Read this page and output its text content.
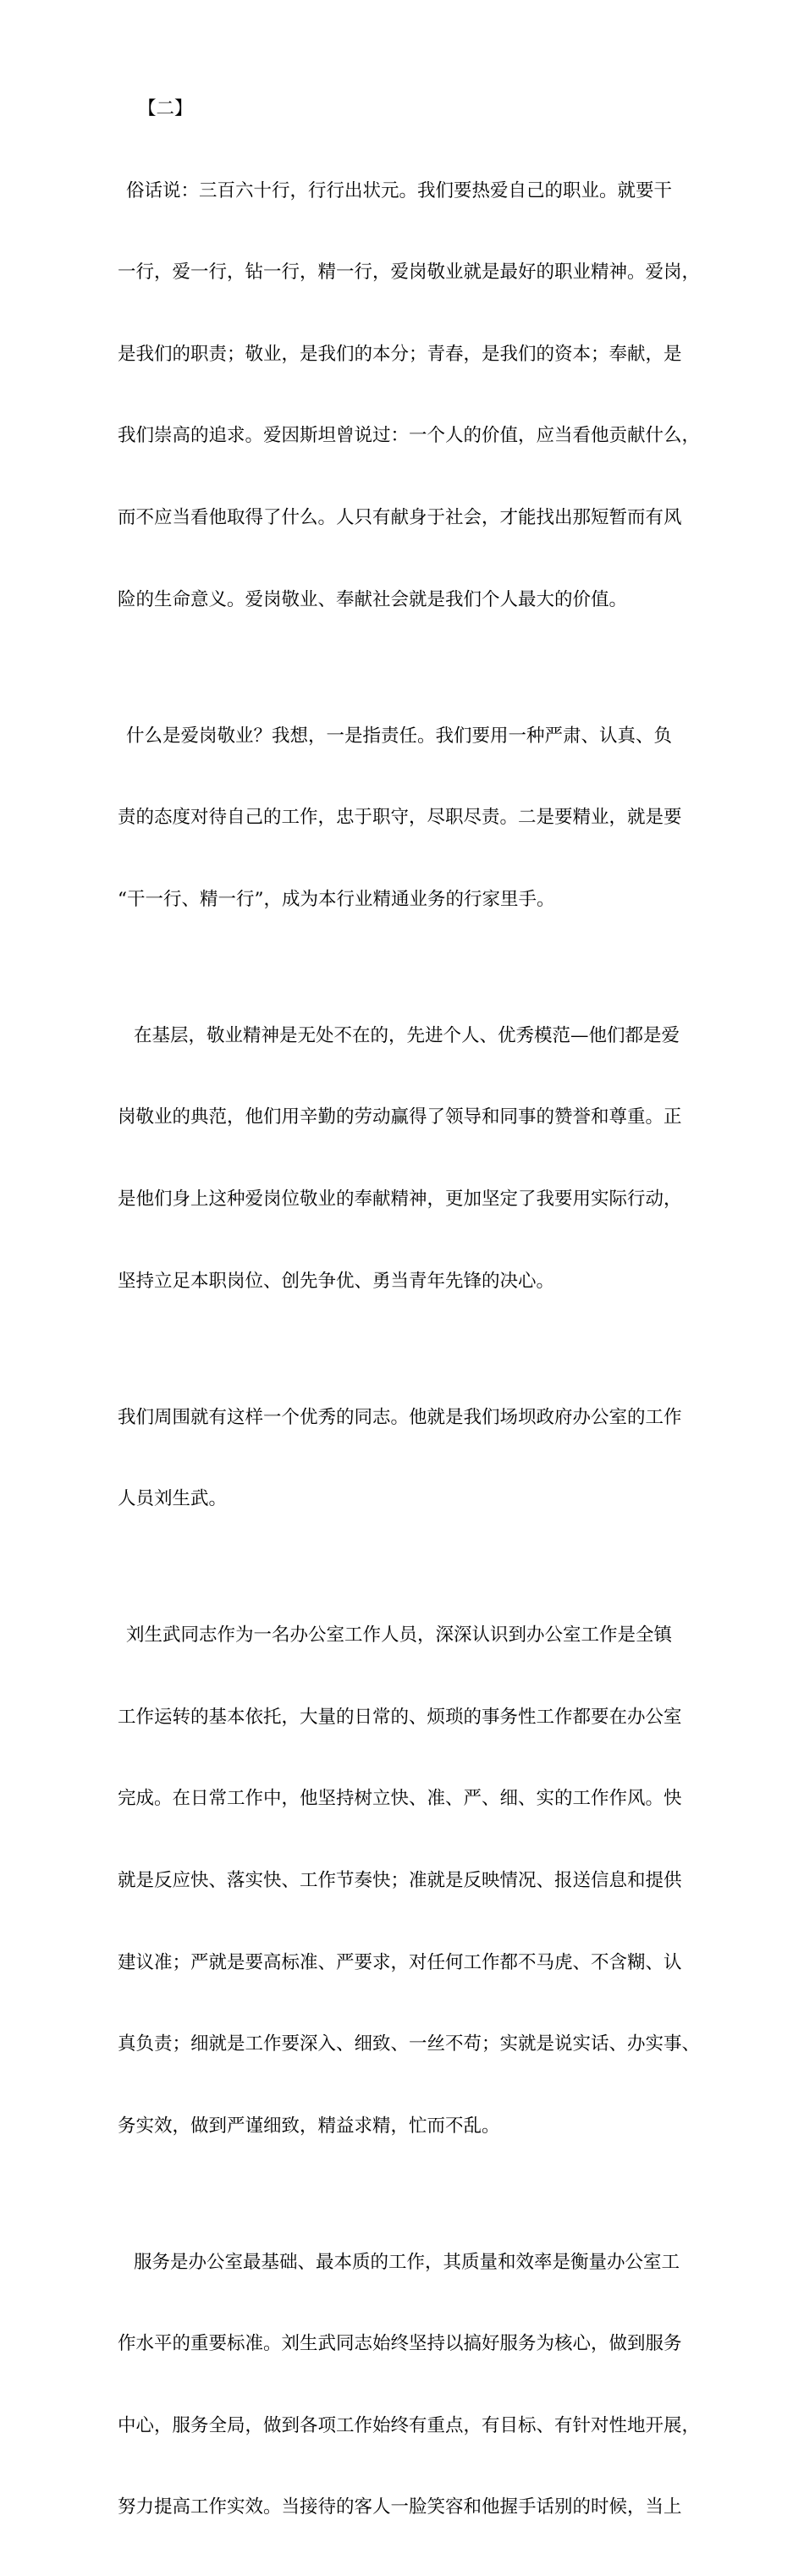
【二】

俗话说：三百六十行，行行出状元。我们要热爱自己的职业。就要干

一行，爱一行，钻一行，精一行，爱岗敬业就是最好的职业精神。爱岗，

是我们的职责；敬业，是我们的本分；青春，是我们的资本；奉献，是

我们崇高的追求。爱因斯坦曾说过：一个人的价值，应当看他贡献什么，

而不应当看他取得了什么。人只有献身于社会，才能找出那短暂而有风

险的生命意义。爱岗敬业、奉献社会就是我们个人最大的价值。

什么是爱岗敬业？我想，一是指责任。我们要用一种严肃、认真、负

责的态度对待自己的工作，忠于职守，尽职尽责。二是要精业，就是要

“干一行、精一行”，成为本行业精通业务的行家里手。

在基层，敬业精神是无处不在的，先进个人、优秀模范—他们都是爱

岗敬业的典范，他们用辛勤的劳动赢得了领导和同事的赞誉和尊重。正

是他们身上这种爱岗位敬业的奉献精神，更加坚定了我要用实际行动，

坚持立足本职岗位、创先争优、勇当青年先锋的决心。

我们周围就有这样一个优秀的同志。他就是我们场坝政府办公室的工作

人员刘生武。

刘生武同志作为一名办公室工作人员，深深认识到办公室工作是全镇

工作运转的基本依托，大量的日常的、烦琐的事务性工作都要在办公室

完成。在日常工作中，他坚持树立快、准、严、细、实的工作作风。快

就是反应快、落实快、工作节奏快；准就是反映情况、报送信息和提供

建议准；严就是要高标准、严要求，对任何工作都不马虎、不含糊、认

真负责；细就是工作要深入、细致、一丝不苟；实就是说实话、办实事、

务实效，做到严谨细致，精益求精，忙而不乱。

服务是办公室最基础、最本质的工作，其质量和效率是衡量办公室工

作水平的重要标准。刘生武同志始终坚持以搞好服务为核心，做到服务

中心，服务全局，做到各项工作始终有重点，有目标、有针对性地开展，

努力提高工作实效。当接待的客人一脸笑容和他握手话别的时候，当上
